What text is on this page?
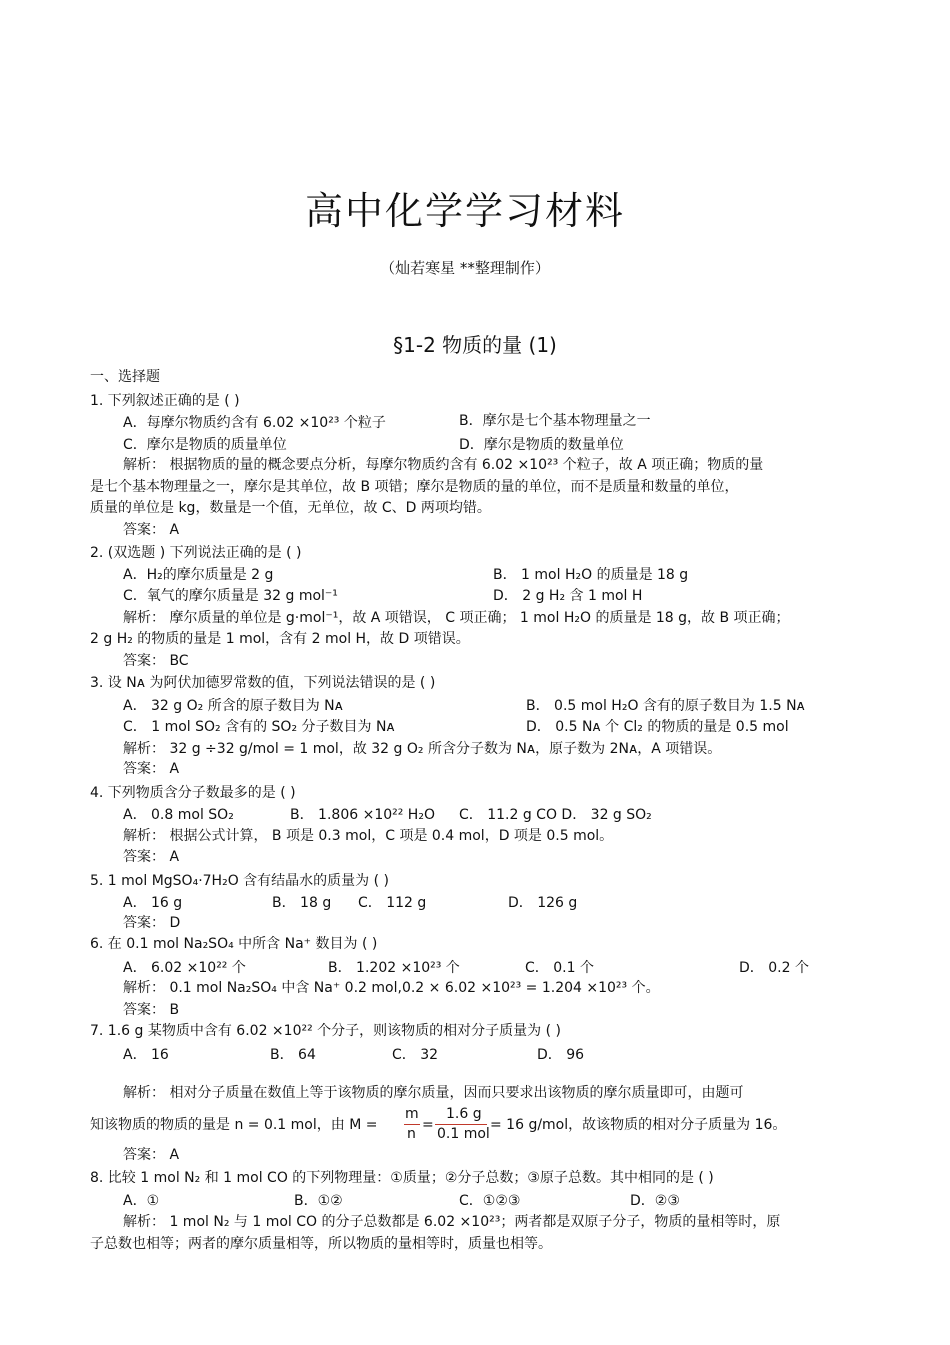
高中化学学习材料
（灿若寒星 **整理制作）
§1-2 物质的量 (1)
一、选择题
1. 下列叙述正确的是 ( )
A．每摩尔物质约含有 6.02 ×10²³ 个粒子	B．摩尔是七个基本物理量之一
C．摩尔是物质的质量单位	D．摩尔是物质的数量单位
解析： 根据物质的量的概念要点分析，每摩尔物质约含有 6.02 ×10²³ 个粒子，故 A 项正确；物质的量
是七个基本物理量之一，摩尔是其单位，故 B 项错；摩尔是物质的量的单位，而不是质量和数量的单位，
质量的单位是 kg，数量是一个值，无单位，故 C、D 两项均错。
答案： A
2. (双选题 ) 下列说法正确的是 ( )
A．H₂的摩尔质量是 2 g	B． 1 mol H₂O 的质量是 18 g
C．氧气的摩尔质量是 32 g mol⁻¹	D． 2 g H₂ 含 1 mol H
解析： 摩尔质量的单位是 g·mol⁻¹，故 A 项错误， C 项正确； 1 mol H₂O 的质量是 18 g，故 B 项正确；
2 g H₂ 的物质的量是 1 mol，含有 2 mol H，故 D 项错误。
答案： BC
3. 设 Nᴀ 为阿伏加德罗常数的值，下列说法错误的是 ( )
A． 32 g O₂ 所含的原子数目为 Nᴀ	B． 0.5 mol H₂O 含有的原子数目为 1.5 Nᴀ
C． 1 mol SO₂ 含有的 SO₂ 分子数目为 Nᴀ	D． 0.5 Nᴀ 个 Cl₂ 的物质的量是 0.5 mol
解析： 32 g ÷32 g/mol = 1 mol，故 32 g O₂ 所含分子数为 Nᴀ，原子数为 2Nᴀ，A 项错误。
答案： A
4. 下列物质含分子数最多的是 ( )
A． 0.8 mol SO₂	B． 1.806 ×10²² H₂O C． 11.2 g CO D． 32 g SO₂
解析： 根据公式计算， B 项是 0.3 mol，C 项是 0.4 mol，D 项是 0.5 mol。
答案： A
5. 1 mol MgSO₄·7H₂O 含有结晶水的质量为 ( )
A． 16 g	B． 18 g C． 112 g	D． 126 g
答案： D
6. 在 0.1 mol Na₂SO₄ 中所含 Na⁺ 数目为 ( )
A． 6.02 ×10²² 个	B． 1.202 ×10²³ 个	C． 0.1 个	D． 0.2 个
解析： 0.1 mol Na₂SO₄ 中含 Na⁺ 0.2 mol,0.2 × 6.02 ×10²³ = 1.204 ×10²³ 个。
答案： B
7. 1.6 g 某物质中含有 6.02 ×10²² 个分子，则该物质的相对分子质量为 ( )
A． 16	B． 64	C． 32	D． 96
解析： 相对分子质量在数值上等于该物质的摩尔质量，因而只要求出该物质的摩尔质量即可，由题可
知该物质的物质的量是 n = 0.1 mol，由 M =
m
n
=
1.6 g
0.1 mol
= 16 g/mol，故该物质的相对分子质量为 16。
答案： A
8. 比较 1 mol N₂ 和 1 mol CO 的下列物理量：①质量；②分子总数；③原子总数。其中相同的是 ( )
A．①	B．①②	C．①②③	D．②③
解析： 1 mol N₂ 与 1 mol CO 的分子总数都是 6.02 ×10²³；两者都是双原子分子，物质的量相等时，原
子总数也相等；两者的摩尔质量相等，所以物质的量相等时，质量也相等。
